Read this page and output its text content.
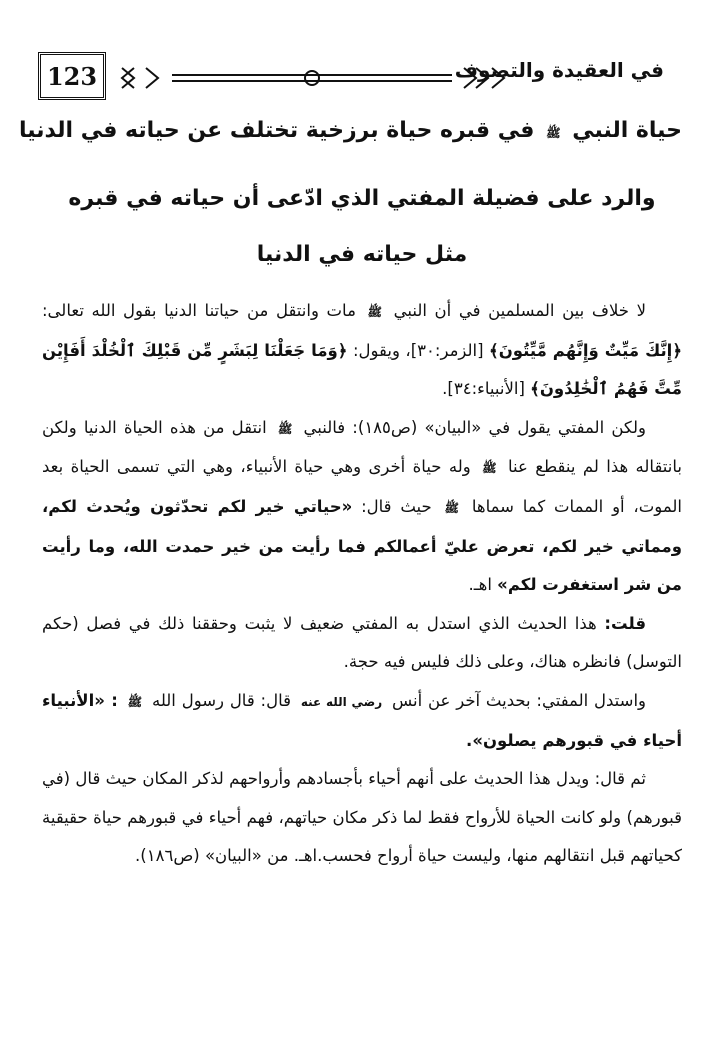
123	في العقيدة والتصوف
حياة النبي ﷺ في قبره حياة برزخية تختلف عن حياته في الدنيا
والرد على فضيلة المفتي الذي ادّعى أن حياته في قبره
مثل حياته في الدنيا

لا خلاف بين المسلمين في أن النبي ﷺ مات وانتقل من حياتنا الدنيا بقول الله تعالى: ﴿إِنَّكَ مَيِّتٌ وَإِنَّهُم مَّيِّتُونَ﴾ [الزمر:٣٠]، ويقول: ﴿وَمَا جَعَلْنَا لِبَشَرٍ مِّن قَبْلِكَ ٱلْخُلْدَ أَفَإِيْن مِّتَّ فَهُمُ ٱلْخَٰلِدُونَ﴾ [الأنبياء:٣٤].

ولكن المفتي يقول في «البيان» (ص١٨٥): فالنبي ﷺ انتقل من هذه الحياة الدنيا ولكن بانتقاله هذا لم ينقطع عنا ﷺ وله حياة أخرى وهي حياة الأنبياء، وهي التي تسمى الحياة بعد الموت، أو الممات كما سماها ﷺ حيث قال: «حياتي خير لكم تحدّثون ويُحدث لكم، ومماتي خير لكم، تعرض عليّ أعمالكم فما رأيت من خير حمدت الله، وما رأيت من شر استغفرت لكم» اهـ.

قلت: هذا الحديث الذي استدل به المفتي ضعيف لا يثبت وحققنا ذلك في فصل (حكم التوسل) فانظره هناك، وعلى ذلك فليس فيه حجة.

واستدل المفتي: بحديث آخر عن أنس رضي الله عنه قال: قال رسول الله ﷺ : «الأنبياء أحياء في قبورهم يصلون».

ثم قال: ويدل هذا الحديث على أنهم أحياء بأجسادهم وأرواحهم لذكر المكان حيث قال (في قبورهم) ولو كانت الحياة للأرواح فقط لما ذكر مكان حياتهم، فهم أحياء في قبورهم حياة حقيقية كحياتهم قبل انتقالهم منها، وليست حياة أرواح فحسب.اهـ. من «البيان» (ص١٨٦).
